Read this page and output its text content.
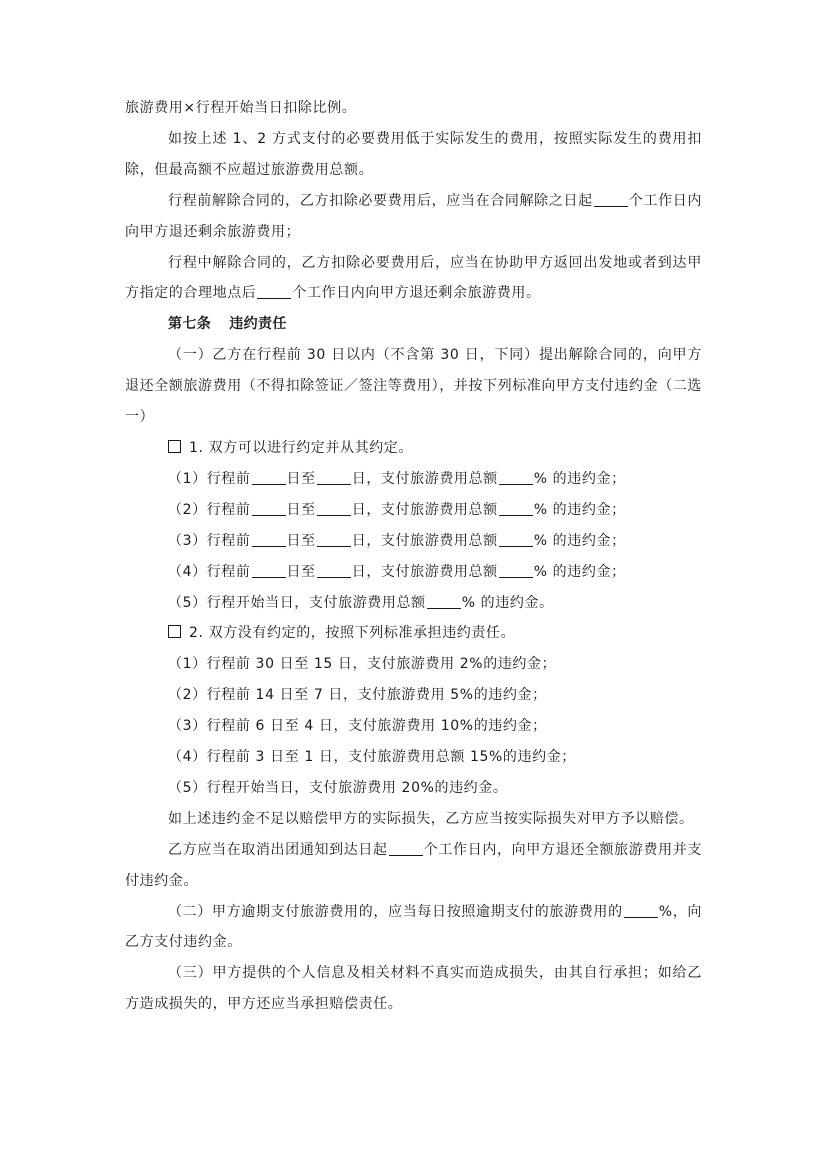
旅游费用×行程开始当日扣除比例。

如按上述 1、2 方式支付的必要费用低于实际发生的费用，按照实际发生的费用扣除，但最高额不应超过旅游费用总额。

行程前解除合同的，乙方扣除必要费用后，应当在合同解除之日起	个工作日内向甲方退还剩余旅游费用；

行程中解除合同的，乙方扣除必要费用后，应当在协助甲方返回出发地或者到达甲方指定的合理地点后	个工作日内向甲方退还剩余旅游费用。

第七条 违约责任

（一）乙方在行程前 30 日以内（不含第 30 日，下同）提出解除合同的，向甲方退还全额旅游费用（不得扣除签证／签注等费用），并按下列标准向甲方支付违约金（二选一）

1. 双方可以进行约定并从其约定。

（1）行程前	日至	日，支付旅游费用总额	% 的违约金；

（2）行程前	日至	日，支付旅游费用总额	% 的违约金；

（3）行程前	日至	日，支付旅游费用总额	% 的违约金；

（4）行程前	日至	日，支付旅游费用总额	% 的违约金；

（5）行程开始当日，支付旅游费用总额	% 的违约金。

2. 双方没有约定的，按照下列标准承担违约责任。

（1）行程前 30 日至 15 日，支付旅游费用 2%的违约金；

（2）行程前 14 日至 7 日，支付旅游费用 5%的违约金；

（3）行程前 6 日至 4 日，支付旅游费用 10%的违约金；

（4）行程前 3 日至 1 日，支付旅游费用总额 15%的违约金；

（5）行程开始当日，支付旅游费用 20%的违约金。

如上述违约金不足以赔偿甲方的实际损失，乙方应当按实际损失对甲方予以赔偿。

乙方应当在取消出团通知到达日起	个工作日内，向甲方退还全额旅游费用并支付违约金。

（二）甲方逾期支付旅游费用的，应当每日按照逾期支付的旅游费用的	%，向乙方支付违约金。

（三）甲方提供的个人信息及相关材料不真实而造成损失，由其自行承担；如给乙方造成损失的，甲方还应当承担赔偿责任。
